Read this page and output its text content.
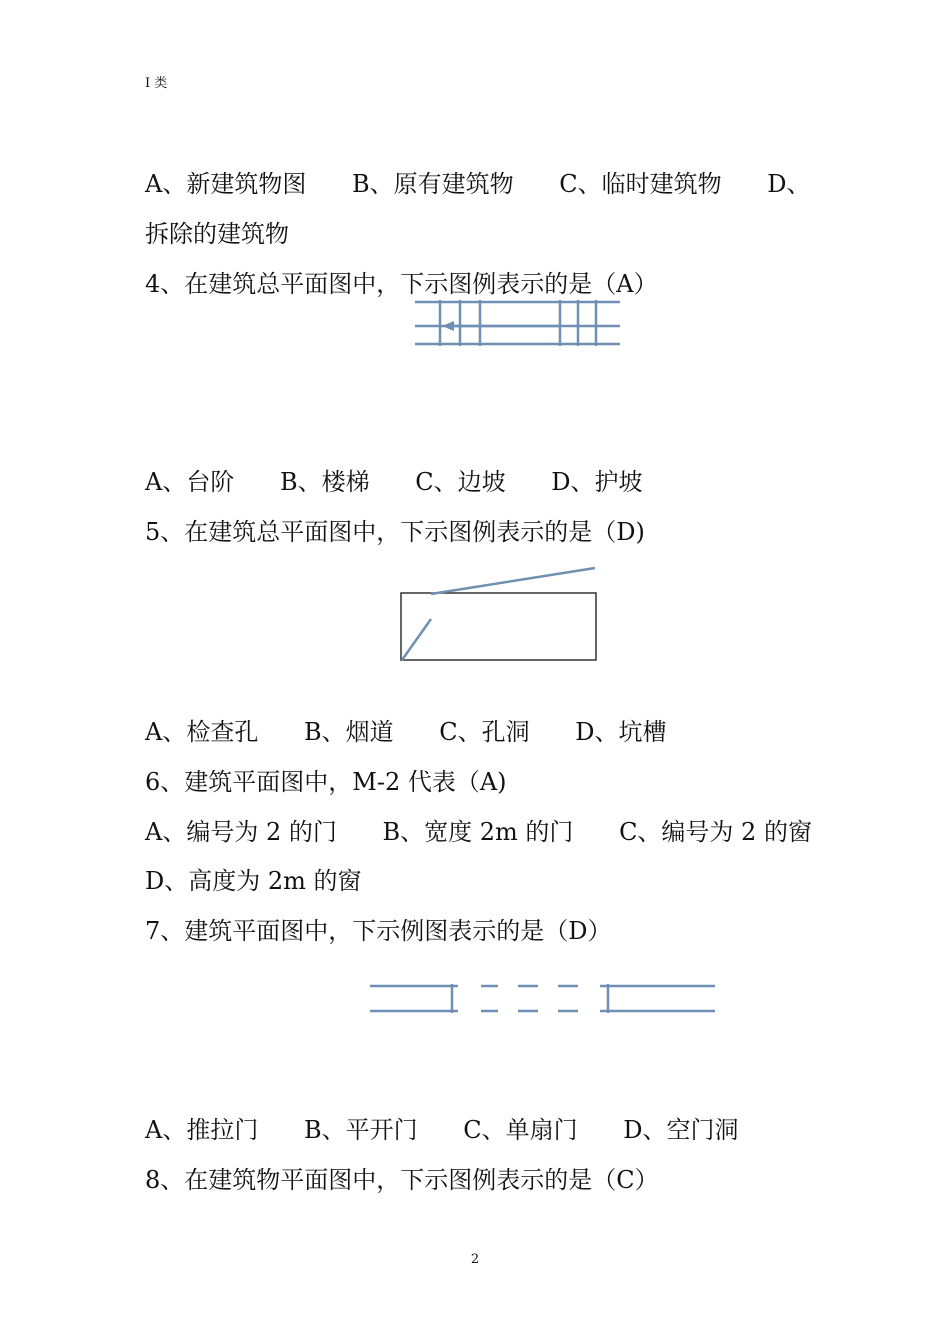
I 类
A、新建筑物图 B、原有建筑物 C、临时建筑物 D、
拆除的建筑物
4、在建筑总平面图中，下示图例表示的是（A）
A、台阶 B、楼梯 C、边坡 D、护坡
5、在建筑总平面图中，下示图例表示的是（D)
A、检查孔 B、烟道 C、孔洞 D、坑槽
6、建筑平面图中，M-2 代表（A)
A、编号为 2 的门 B、宽度 2m 的门 C、编号为 2 的窗
D、高度为 2m 的窗
7、建筑平面图中，下示例图表示的是（D）
A、推拉门 B、平开门 C、单扇门 D、空门洞
8、在建筑物平面图中，下示图例表示的是（C）
2
